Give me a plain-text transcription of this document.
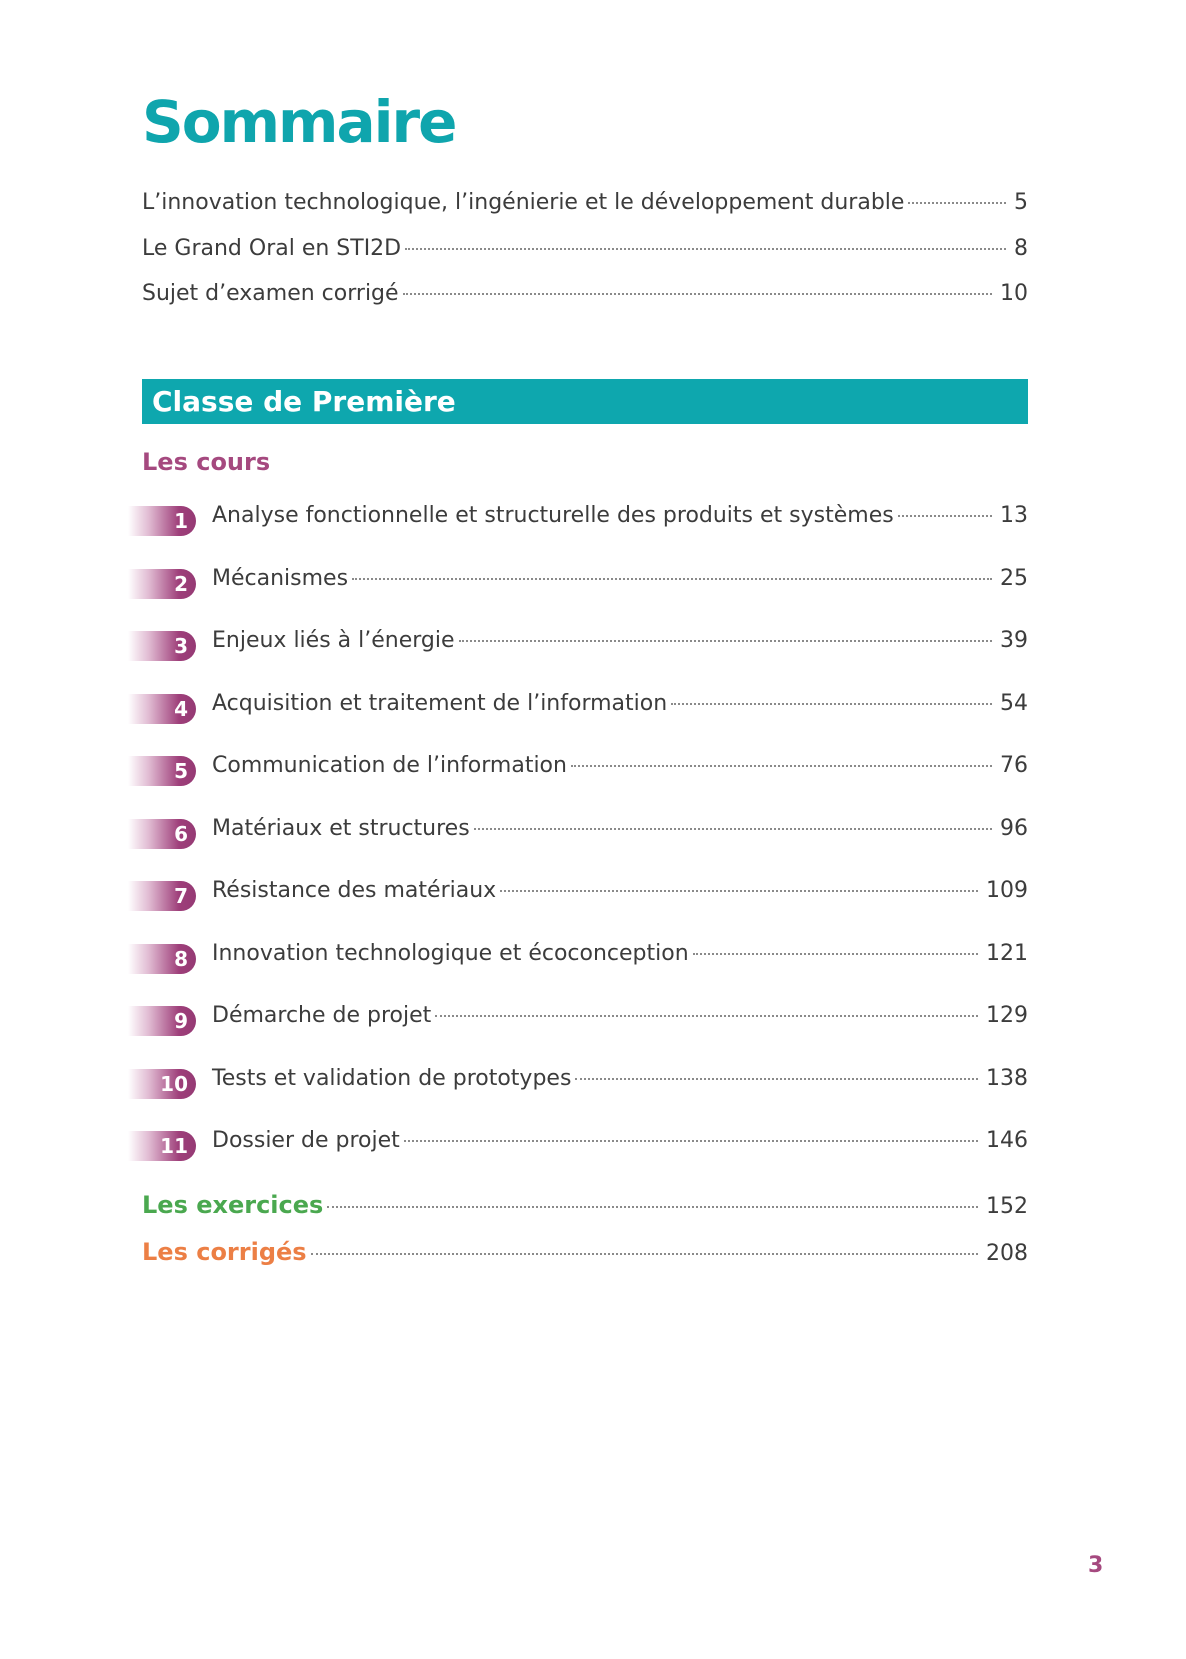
Sommaire
L’innovation technologique, l’ingénierie et le développement durable	5
Le Grand Oral en STI2D	8
Sujet d’examen corrigé	10
Classe de Première
Les cours
1	Analyse fonctionnelle et structurelle des produits et systèmes	13
2	Mécanismes	25
3	Enjeux liés à l’énergie	39
4	Acquisition et traitement de l’information	54
5	Communication de l’information	76
6	Matériaux et structures	96
7	Résistance des matériaux	109
8	Innovation technologique et écoconception	121
9	Démarche de projet	129
10	Tests et validation de prototypes	138
11	Dossier de projet	146
Les exercices	152
Les corrigés	208
3
